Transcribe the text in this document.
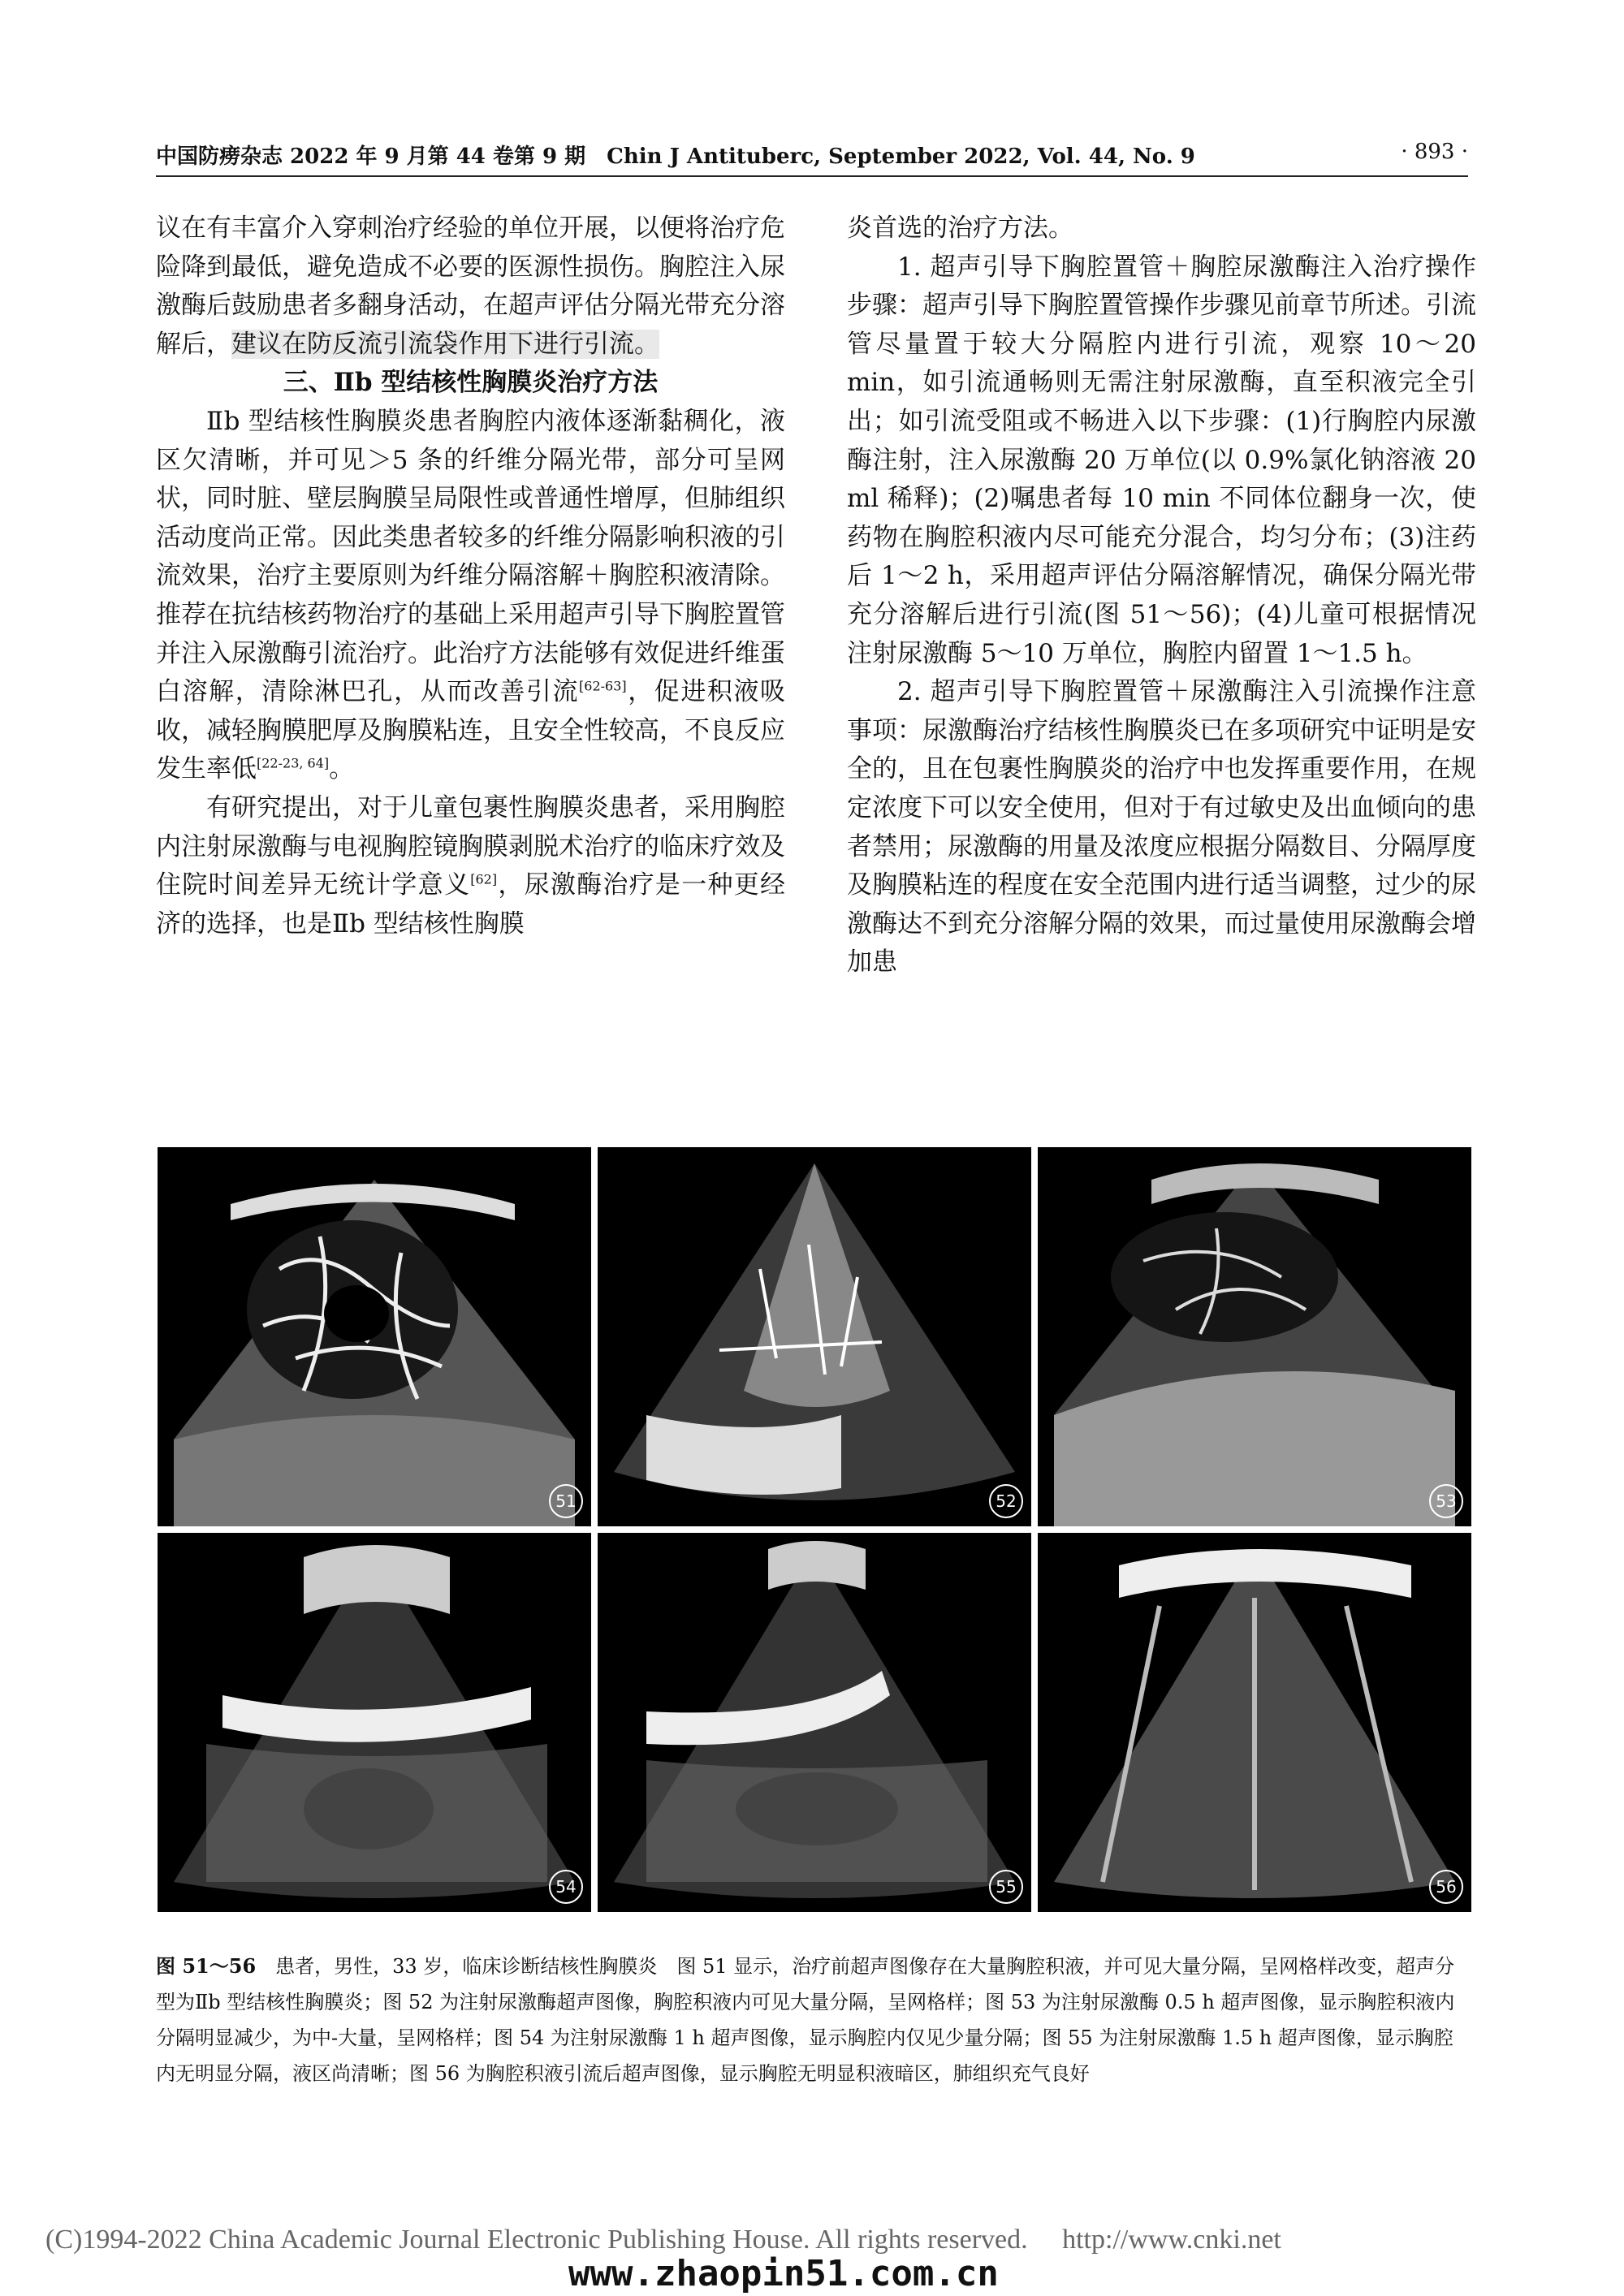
中国防痨杂志 2022 年 9 月第 44 卷第 9 期　Chin J Antituberc, September 2022, Vol. 44, No. 9	· 893 ·

议在有丰富介入穿刺治疗经验的单位开展，以便将治疗危险降到最低，避免造成不必要的医源性损伤。胸腔注入尿激酶后鼓励患者多翻身活动，在超声评估分隔光带充分溶解后，建议在防反流引流袋作用下进行引流。

三、Ⅱb 型结核性胸膜炎治疗方法

Ⅱb 型结核性胸膜炎患者胸腔内液体逐渐黏稠化，液区欠清晰，并可见＞5 条的纤维分隔光带，部分可呈网状，同时脏、壁层胸膜呈局限性或普通性增厚，但肺组织活动度尚正常。因此类患者较多的纤维分隔影响积液的引流效果，治疗主要原则为纤维分隔溶解＋胸腔积液清除。推荐在抗结核药物治疗的基础上采用超声引导下胸腔置管并注入尿激酶引流治疗。此治疗方法能够有效促进纤维蛋白溶解，清除淋巴孔，从而改善引流[62-63]，促进积液吸收，减轻胸膜肥厚及胸膜粘连，且安全性较高，不良反应发生率低[22-23, 64]。

有研究提出，对于儿童包裹性胸膜炎患者，采用胸腔内注射尿激酶与电视胸腔镜胸膜剥脱术治疗的临床疗效及住院时间差异无统计学意义[62]，尿激酶治疗是一种更经济的选择，也是Ⅱb 型结核性胸膜

炎首选的治疗方法。

1. 超声引导下胸腔置管＋胸腔尿激酶注入治疗操作步骤：超声引导下胸腔置管操作步骤见前章节所述。引流管尽量置于较大分隔腔内进行引流，观察 10～20 min，如引流通畅则无需注射尿激酶，直至积液完全引出；如引流受阻或不畅进入以下步骤：(1)行胸腔内尿激酶注射，注入尿激酶 20 万单位(以 0.9%氯化钠溶液 20 ml 稀释)；(2)嘱患者每 10 min 不同体位翻身一次，使药物在胸腔积液内尽可能充分混合，均匀分布；(3)注药后 1～2 h，采用超声评估分隔溶解情况，确保分隔光带充分溶解后进行引流(图 51～56)；(4)儿童可根据情况注射尿激酶 5～10 万单位，胸腔内留置 1～1.5 h。

2. 超声引导下胸腔置管＋尿激酶注入引流操作注意事项：尿激酶治疗结核性胸膜炎已在多项研究中证明是安全的，且在包裹性胸膜炎的治疗中也发挥重要作用，在规定浓度下可以安全使用，但对于有过敏史及出血倾向的患者禁用；尿激酶的用量及浓度应根据分隔数目、分隔厚度及胸膜粘连的程度在安全范围内进行适当调整，过少的尿激酶达不到充分溶解分隔的效果，而过量使用尿激酶会增加患

51	52	53
54	55	56
图 51～56　患者，男性，33 岁，临床诊断结核性胸膜炎　图 51 显示，治疗前超声图像存在大量胸腔积液，并可见大量分隔，呈网格样改变，超声分型为Ⅱb 型结核性胸膜炎；图 52 为注射尿激酶超声图像，胸腔积液内可见大量分隔，呈网格样；图 53 为注射尿激酶 0.5 h 超声图像，显示胸腔积液内分隔明显减少，为中-大量，呈网格样；图 54 为注射尿激酶 1 h 超声图像，显示胸腔内仅见少量分隔；图 55 为注射尿激酶 1.5 h 超声图像，显示胸腔内无明显分隔，液区尚清晰；图 56 为胸腔积液引流后超声图像，显示胸腔无明显积液暗区，肺组织充气良好
(C)1994-2022 China Academic Journal Electronic Publishing House. All rights reserved.　 http://www.cnki.net
www.zhaopin51.com.cn
